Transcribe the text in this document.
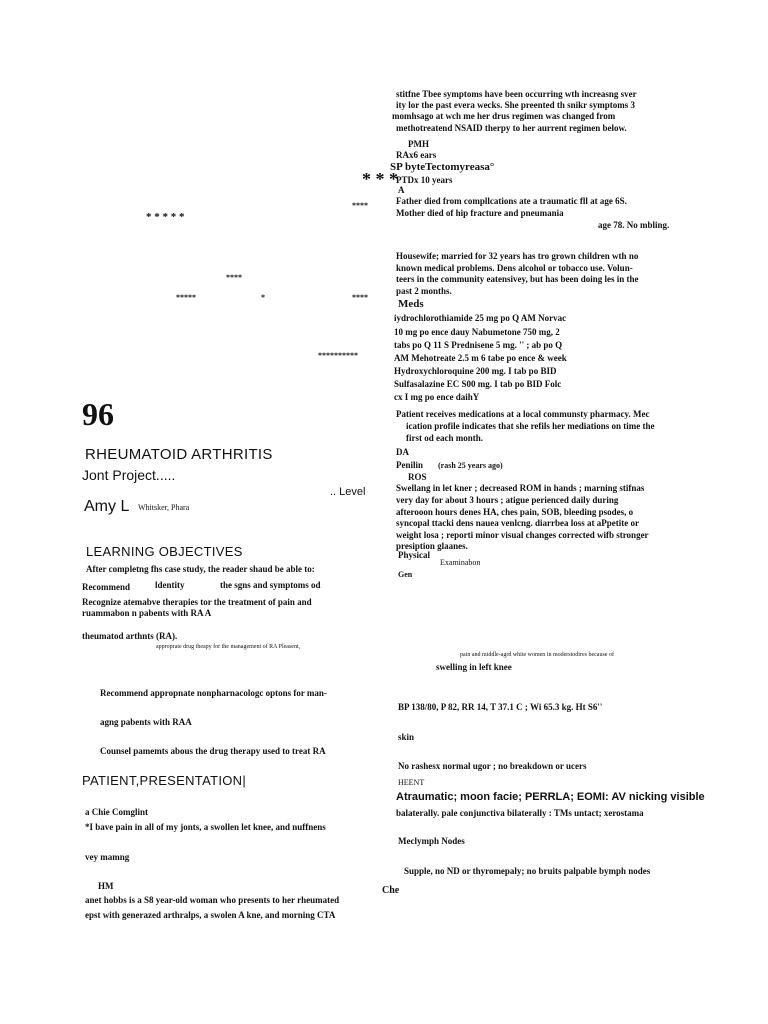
* * * * *
****
*****	*	****
**********
96
RHEUMATOID ARTHRITIS
Jont Project.....
.. Level
Amy L Whitsker, Phara
LEARNING OBJECTIVES
After completng fhs case study, the reader shaud be able to:
Recommend	ldentity	the sgns and symptoms od
Recognize atemabve therapies tor the treatment of pain and
ruammabon n pabents with RA A
theumatod arthnts (RA).
approprate drug theapy for the management of RA Pleasent,
Recommend appropnate nonpharnacologc optons for man-
agng pabents with RAA
Counsel pamemts abous the drug therapy used to treat RA
PATIENT,PRESENTATION|
a Chie Comglint
*I bave pain in all of my jonts, a swollen let knee, and nuffnens
vey mamng
HM
anet hobbs is a S8 year-old woman who presents to her rheumated
epst with generazed arthralps, a swolen A kne, and morning CTA
stitfne Tbee symptoms have been occurring wth increasng sver
ity lor the past evera wecks. She preented th snikr symptoms 3
momhsago at wch me her drus regimen was changed from
methotreatend NSAID therpy to her aurrent regimen below.
PMH
RAx6 ears
SP byteTectomyreasa°
PTDx 10 years
* * *
****
A
Father died from compllcations ate a traumatic fll at age 6S.
Mother died of hip fracture and pneumania
age 78. No mbling.
Housewife; married for 32 years has tro grown children wth no
known medical problems. Dens alcohol or tobacco use. Volun-
teers in the community eatensivey, but has been doing les in the
past 2 months.
Meds
iydrochlorothiamide 25 mg po Q AM Norvac
10 mg po ence dauy Nabumetone 750 mg, 2
tabs po Q 11 S Prednisene 5 mg. '' ; ab po Q
AM Mehotreate 2.5 m 6 tabe po ence & week
Hydroxychloroquine 200 mg. I tab po BID
Sulfasalazine EC S00 mg. I tab po BID Folc
cx I mg po ence daihY
Patient receives medications at a local communsty pharmacy. Mec
ication profile indicates that she refils her mediations on time the
first od each month.
DA
Penilin (rash 25 years ago)
ROS
Swellang in let kner ; decreased ROM in hands ; marning stifnas
very day for about 3 hours ; atigue perienced daily during
afterooon hours denes HA, ches pain, SOB, bleeding psodes, o
syncopal ttacki dens nauea venlcng. diarrbea loss at aPpetite or
weight losa ; reporti minor visual changes corrected wifb stronger
presiption glaanes.
Physical
Examinabon
Gen
pain and middle-agrd white women in moderstodires because of
swelling in left knee
BP 138/80, P 82, RR 14, T 37.1 C ; Wi 65.3 kg. Ht S6''
skin
No rashesx normal ugor ; no breakdown or ucers
HEENT
Atraumatic; moon facie; PERRLA; EOMI: AV nicking visible
balaterally. pale conjunctiva bilaterally : TMs untact; xerostama
Meclymph Nodes
Supple, no ND or thyromepaly; no bruits palpable bymph nodes
Che
